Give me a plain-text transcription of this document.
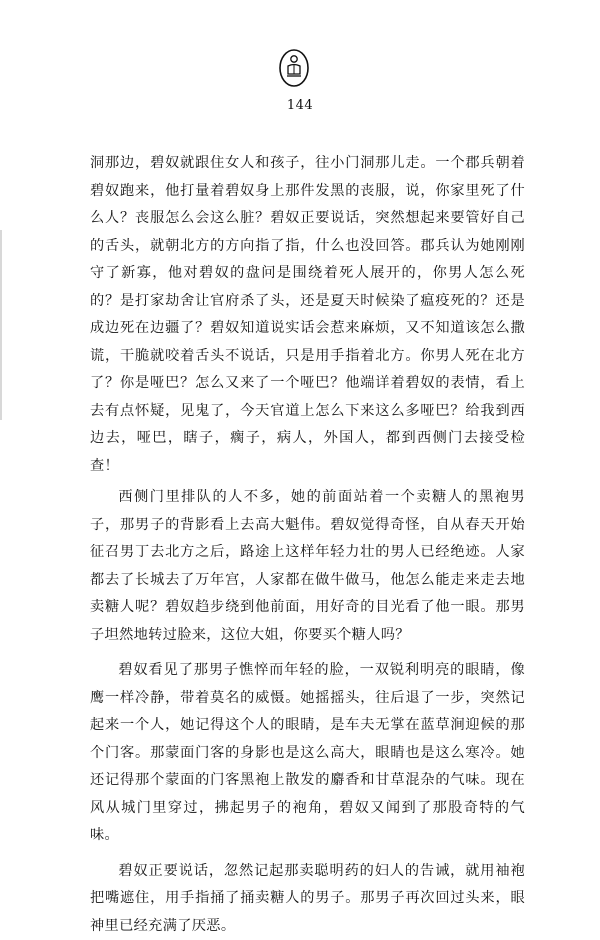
144

洞那边，碧奴就跟住女人和孩子，往小门洞那儿走。一个郡兵朝着碧奴跑来，他打量着碧奴身上那件发黑的丧服，说，你家里死了什么人？丧服怎么会这么脏？碧奴正要说话，突然想起来要管好自己的舌头，就朝北方的方向指了指，什么也没回答。郡兵认为她刚刚守了新寡，他对碧奴的盘问是围绕着死人展开的，你男人怎么死的？是打家劫舍让官府杀了头，还是夏天时候染了瘟疫死的？还是成边死在边疆了？碧奴知道说实话会惹来麻烦，又不知道该怎么撒谎，干脆就咬着舌头不说话，只是用手指着北方。你男人死在北方了？你是哑巴？怎么又来了一个哑巴？他端详着碧奴的表情，看上去有点怀疑，见鬼了，今天官道上怎么下来这么多哑巴？给我到西边去，哑巴，瞎子，瘸子，病人，外国人，都到西侧门去接受检查！

西侧门里排队的人不多，她的前面站着一个卖糖人的黑袍男子，那男子的背影看上去高大魁伟。碧奴觉得奇怪，自从春天开始征召男丁去北方之后，路途上这样年轻力壮的男人已经绝迹。人家都去了长城去了万年宫，人家都在做牛做马，他怎么能走来走去地卖糖人呢？碧奴趋步绕到他前面，用好奇的目光看了他一眼。那男子坦然地转过脸来，这位大姐，你要买个糖人吗？

碧奴看见了那男子憔悴而年轻的脸，一双锐利明亮的眼睛，像鹰一样冷静，带着莫名的威慑。她摇摇头，往后退了一步，突然记起来一个人，她记得这个人的眼睛，是车夫无掌在蓝草涧迎候的那个门客。那蒙面门客的身影也是这么高大，眼睛也是这么寒冷。她还记得那个蒙面的门客黑袍上散发的麝香和甘草混杂的气味。现在风从城门里穿过，拂起男子的袍角，碧奴又闻到了那股奇特的气味。

碧奴正要说话，忽然记起那卖聪明药的妇人的告诫，就用袖袍把嘴遮住，用手指捅了捅卖糖人的男子。那男子再次回过头来，眼神里已经充满了厌恶。
